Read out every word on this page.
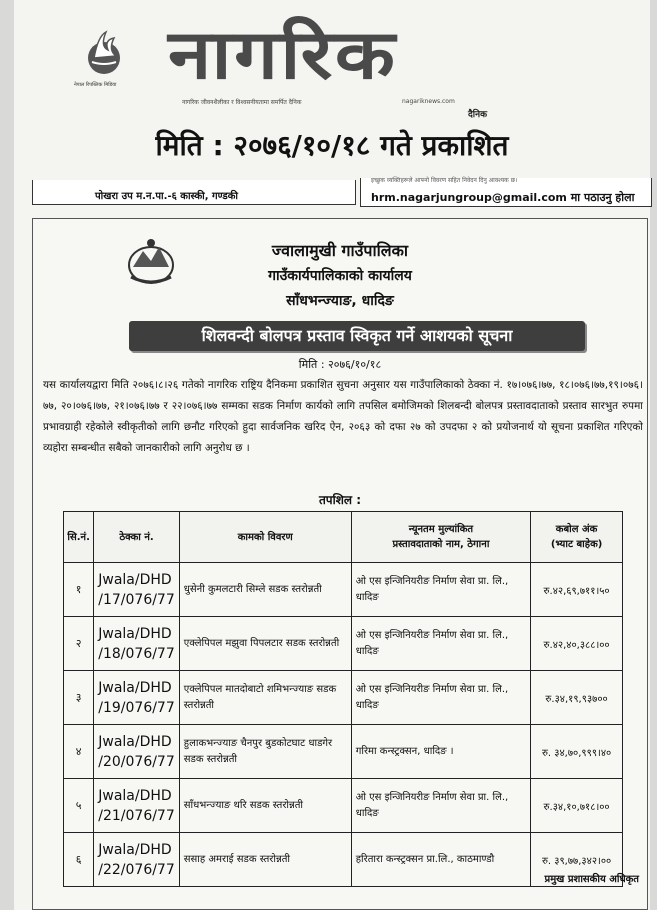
नेपाल रिपब्लिक मिडिया नागरिक
नागरिक जीवनशैलीका र विश्वसनीयतामा समर्पित दैनिक	nagariknews.com
दैनिक
मिति : २०७६/१०/१८ गते प्रकाशित
पोखरा उप म.न.पा.-६ कास्की, गण्डकी
इच्छुक व्यक्तिहरूले आफ्नो विवरण सहित निवेदन दिनु आवश्यक छ।
hrm.nagarjungroup@gmail.com मा पठाउनु होला
ज्वालामुखी गाउँपालिका
गाउँकार्यपालिकाको कार्यालय
साँधभन्ज्याङ, धादिङ
शिलवन्दी बोलपत्र प्रस्ताव स्विकृत गर्ने आशयको सूचना
मिति : २०७६/१०/१८
यस कार्यालयद्वारा मिति २०७६।८।२६ गतेको नागरिक राष्ट्रिय दैनिकमा प्रकाशित सुचना अनुसार यस गाउँपालिकाको ठेक्का नं. १७।०७६।७७, १८।०७६।७७,१९।०७६।७७, २०।०७६।७७, २१।०७६।७७ र २२।०७६।७७ सम्मका सडक निर्माण कार्यको लागि तपसिल बमोजिमको शिलबन्दी बोलपत्र प्रस्तावदाताको प्रस्ताव सारभुत रुपमा प्रभावग्राही रहेकोले स्वीकृतीको लागि छनौट गरिएको हुदा सार्वजनिक खरिद ऐन, २०६३ को दफा २७ को उपदफा २ को प्रयोजनार्थ यो सूचना प्रकाशित गरिएको व्यहोरा सम्बन्धीत सबैको जानकारीको लागि अनुरोध छ ।
तपशिल :
सि.नं.	ठेक्का नं.	कामको विवरण	न्यूनतम मुल्यांकित
प्रस्तावदाताको नाम, ठेगाना	कबोल अंक
(भ्याट बाहेक)
१	Jwala/DHD
/17/076/77	धुसेनी कुमलटारी सिम्ले सडक स्तरोन्नती	ओ एस इन्जिनियरीङ निर्माण सेवा प्रा. लि., धादिङ	रु.४२,६९,७११।५०
२	Jwala/DHD
/18/076/77	एक्लेपिपल मझुवा पिपलटार सडक स्तरोन्नती	ओ एस इन्जिनियरीङ निर्माण सेवा प्रा. लि., धादिङ	रु.४२,४०,३८८।००
३	Jwala/DHD
/19/076/77	एक्लेपिपल मातदोबाटो शमिभन्ज्याङ सडक स्तरोन्नती	ओ एस इन्जिनियरीङ निर्माण सेवा प्रा. लि., धादिङ	रु.३४,१९,९३७००
४	Jwala/DHD
/20/076/77	हुलाकभन्ज्याङ चैनपुर बुडकोटघाट धाडगेर सडक स्तरोन्नती	गरिमा कन्स्ट्रक्सन, धादिङ ।	रु. ३४,७०,९९९।४०
५	Jwala/DHD
/21/076/77	साँधभन्ज्याङ थरि सडक स्तरोन्नती	ओ एस इन्जिनियरीङ निर्माण सेवा प्रा. लि., धादिङ	रु.३४,१०,७१८।००
६	Jwala/DHD
/22/076/77	ससाह अमराई सडक स्तरोन्नती	हरितारा कन्स्ट्रक्सन प्रा.लि., काठमाण्डौ	रु. ३९,७७,३४२।००
प्रमुख प्रशासकीय अधिकृत
